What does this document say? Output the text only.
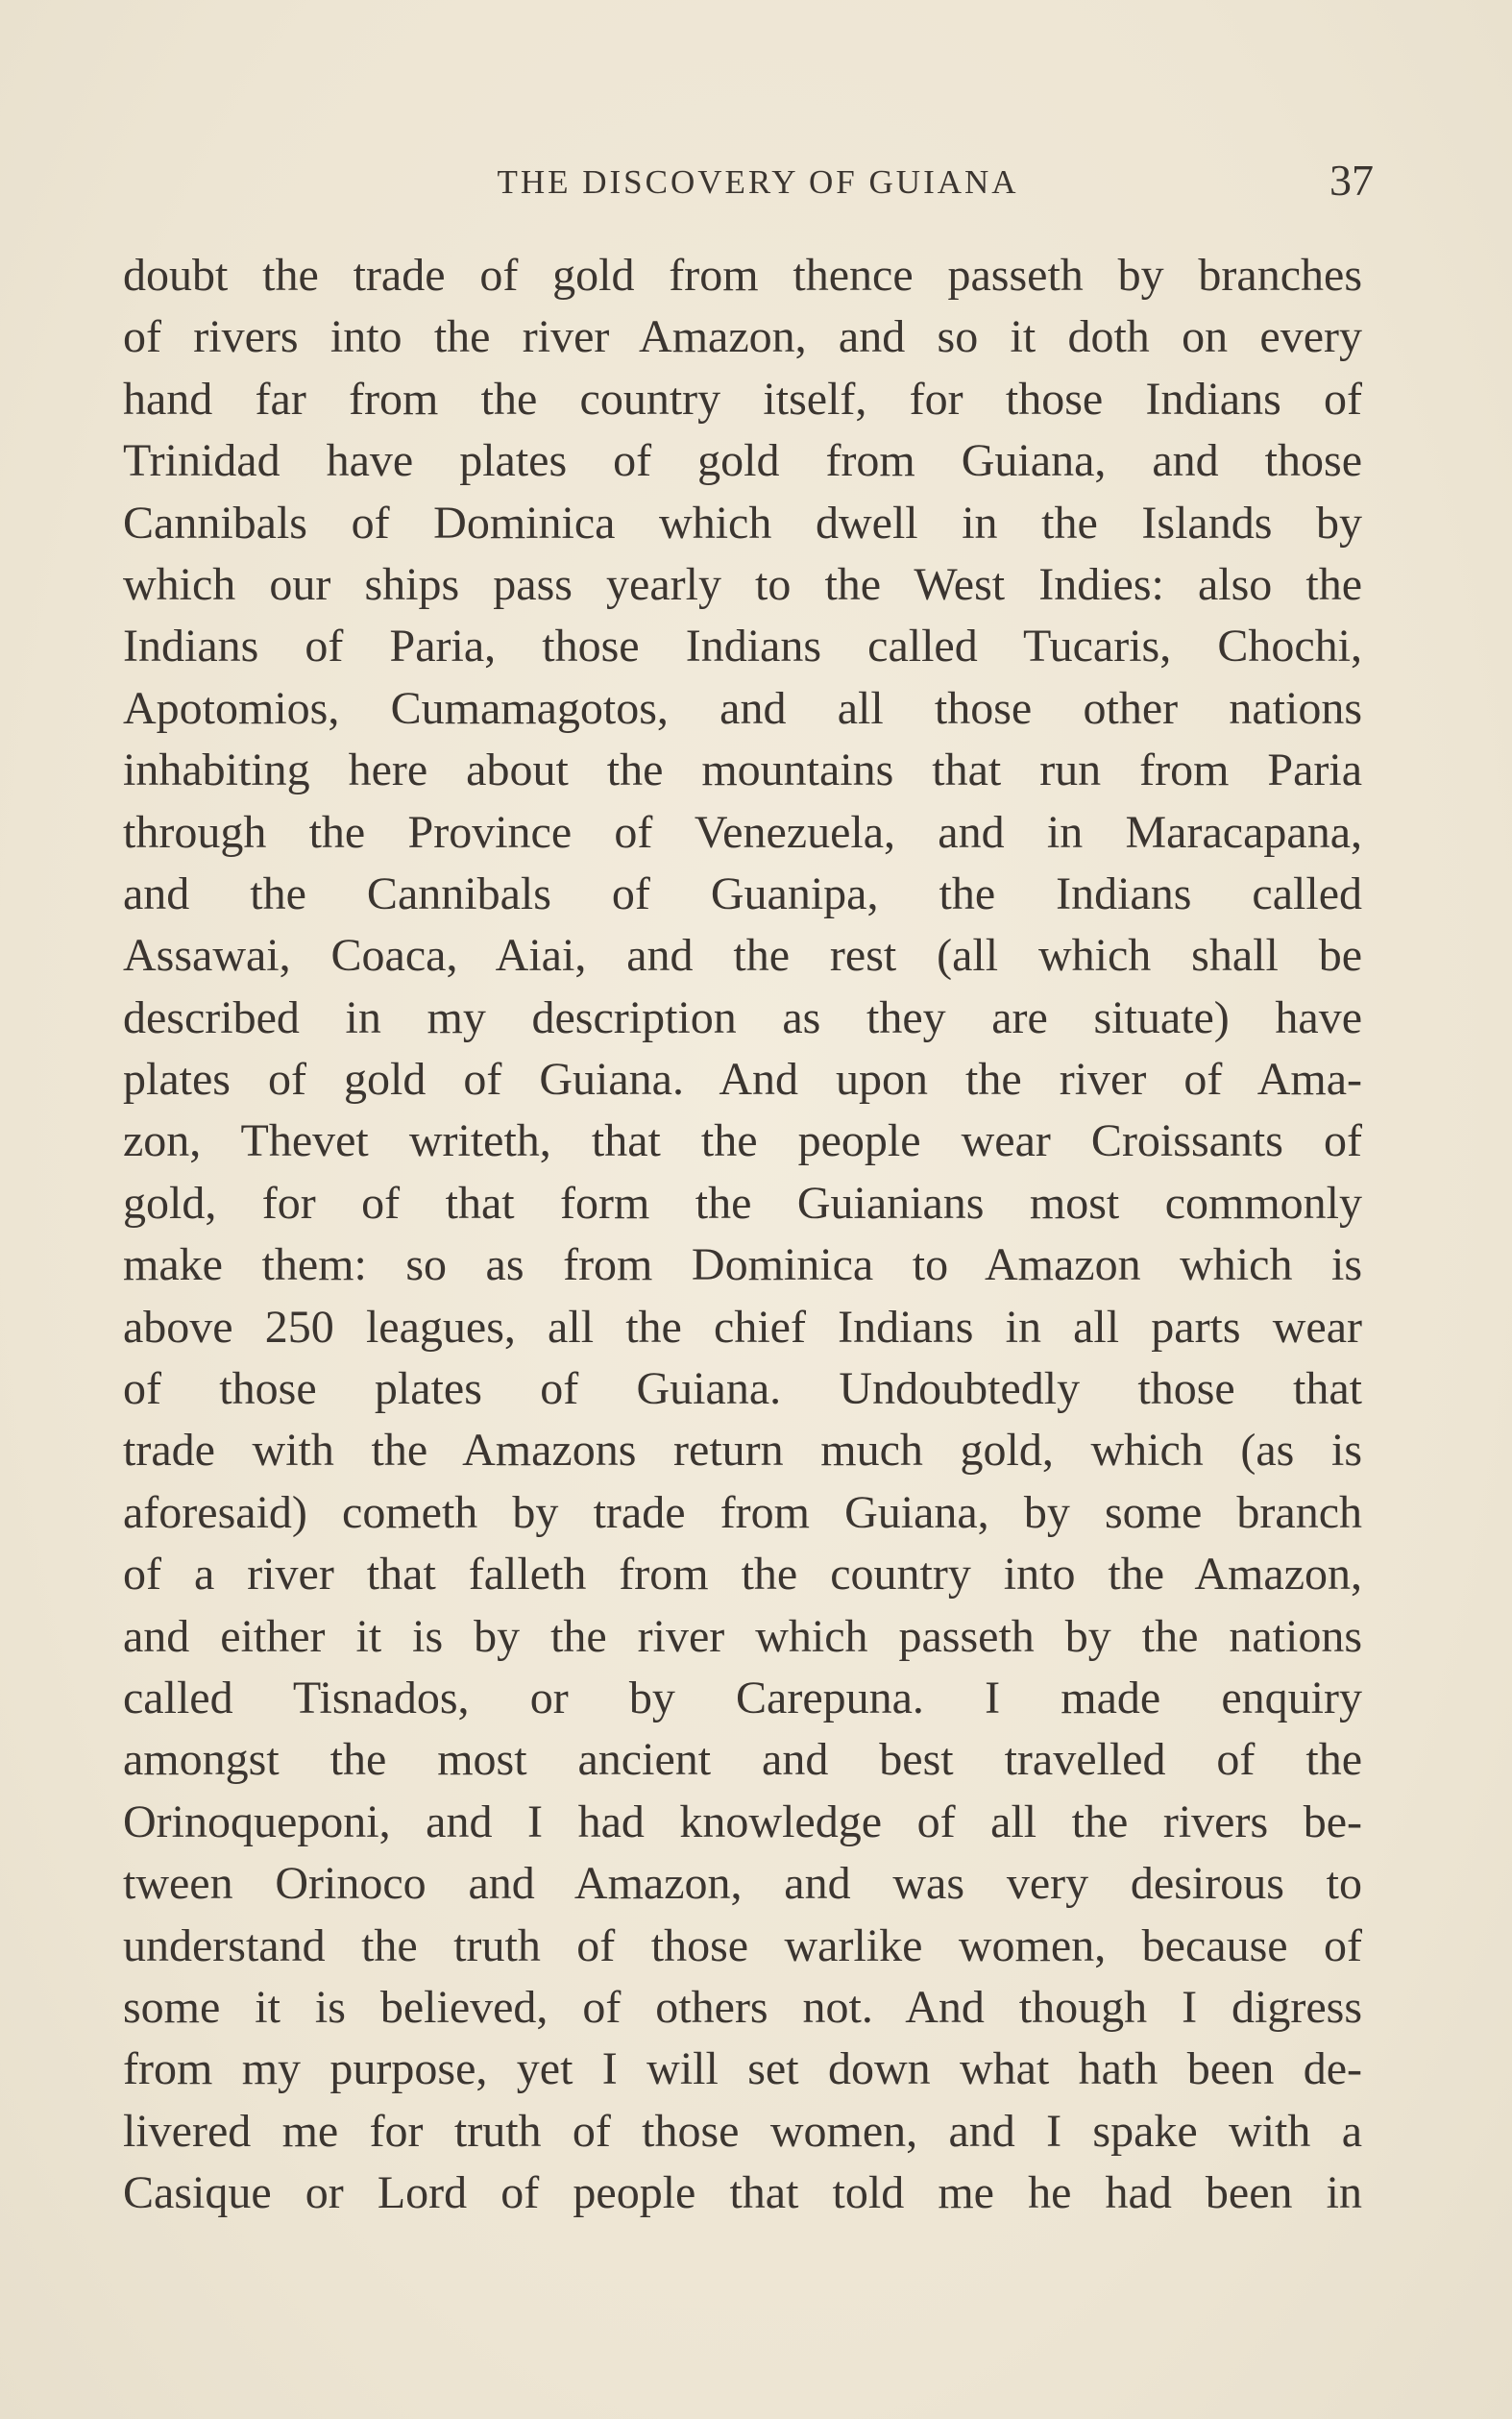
THE DISCOVERY OF GUIANA	37
doubt the trade of gold from thence passeth by branches
of rivers into the river Amazon, and so it doth on every
hand far from the country itself, for those Indians of
Trinidad have plates of gold from Guiana, and those
Cannibals of Dominica which dwell in the Islands by
which our ships pass yearly to the West Indies: also the
Indians of Paria, those Indians called Tucaris, Chochi,
Apotomios, Cumamagotos, and all those other nations
inhabiting here about the mountains that run from Paria
through the Province of Venezuela, and in Maracapana,
and the Cannibals of Guanipa, the Indians called
Assawai, Coaca, Aiai, and the rest (all which shall be
described in my description as they are situate) have
plates of gold of Guiana. And upon the river of Ama-
zon, Thevet writeth, that the people wear Croissants of
gold, for of that form the Guianians most commonly
make them: so as from Dominica to Amazon which is
above 250 leagues, all the chief Indians in all parts wear
of those plates of Guiana. Undoubtedly those that
trade with the Amazons return much gold, which (as is
aforesaid) cometh by trade from Guiana, by some branch
of a river that falleth from the country into the Amazon,
and either it is by the river which passeth by the nations
called Tisnados, or by Carepuna. I made enquiry
amongst the most ancient and best travelled of the
Orinoqueponi, and I had knowledge of all the rivers be-
tween Orinoco and Amazon, and was very desirous to
understand the truth of those warlike women, because of
some it is believed, of others not. And though I digress
from my purpose, yet I will set down what hath been de-
livered me for truth of those women, and I spake with a
Casique or Lord of people that told me he had been in
